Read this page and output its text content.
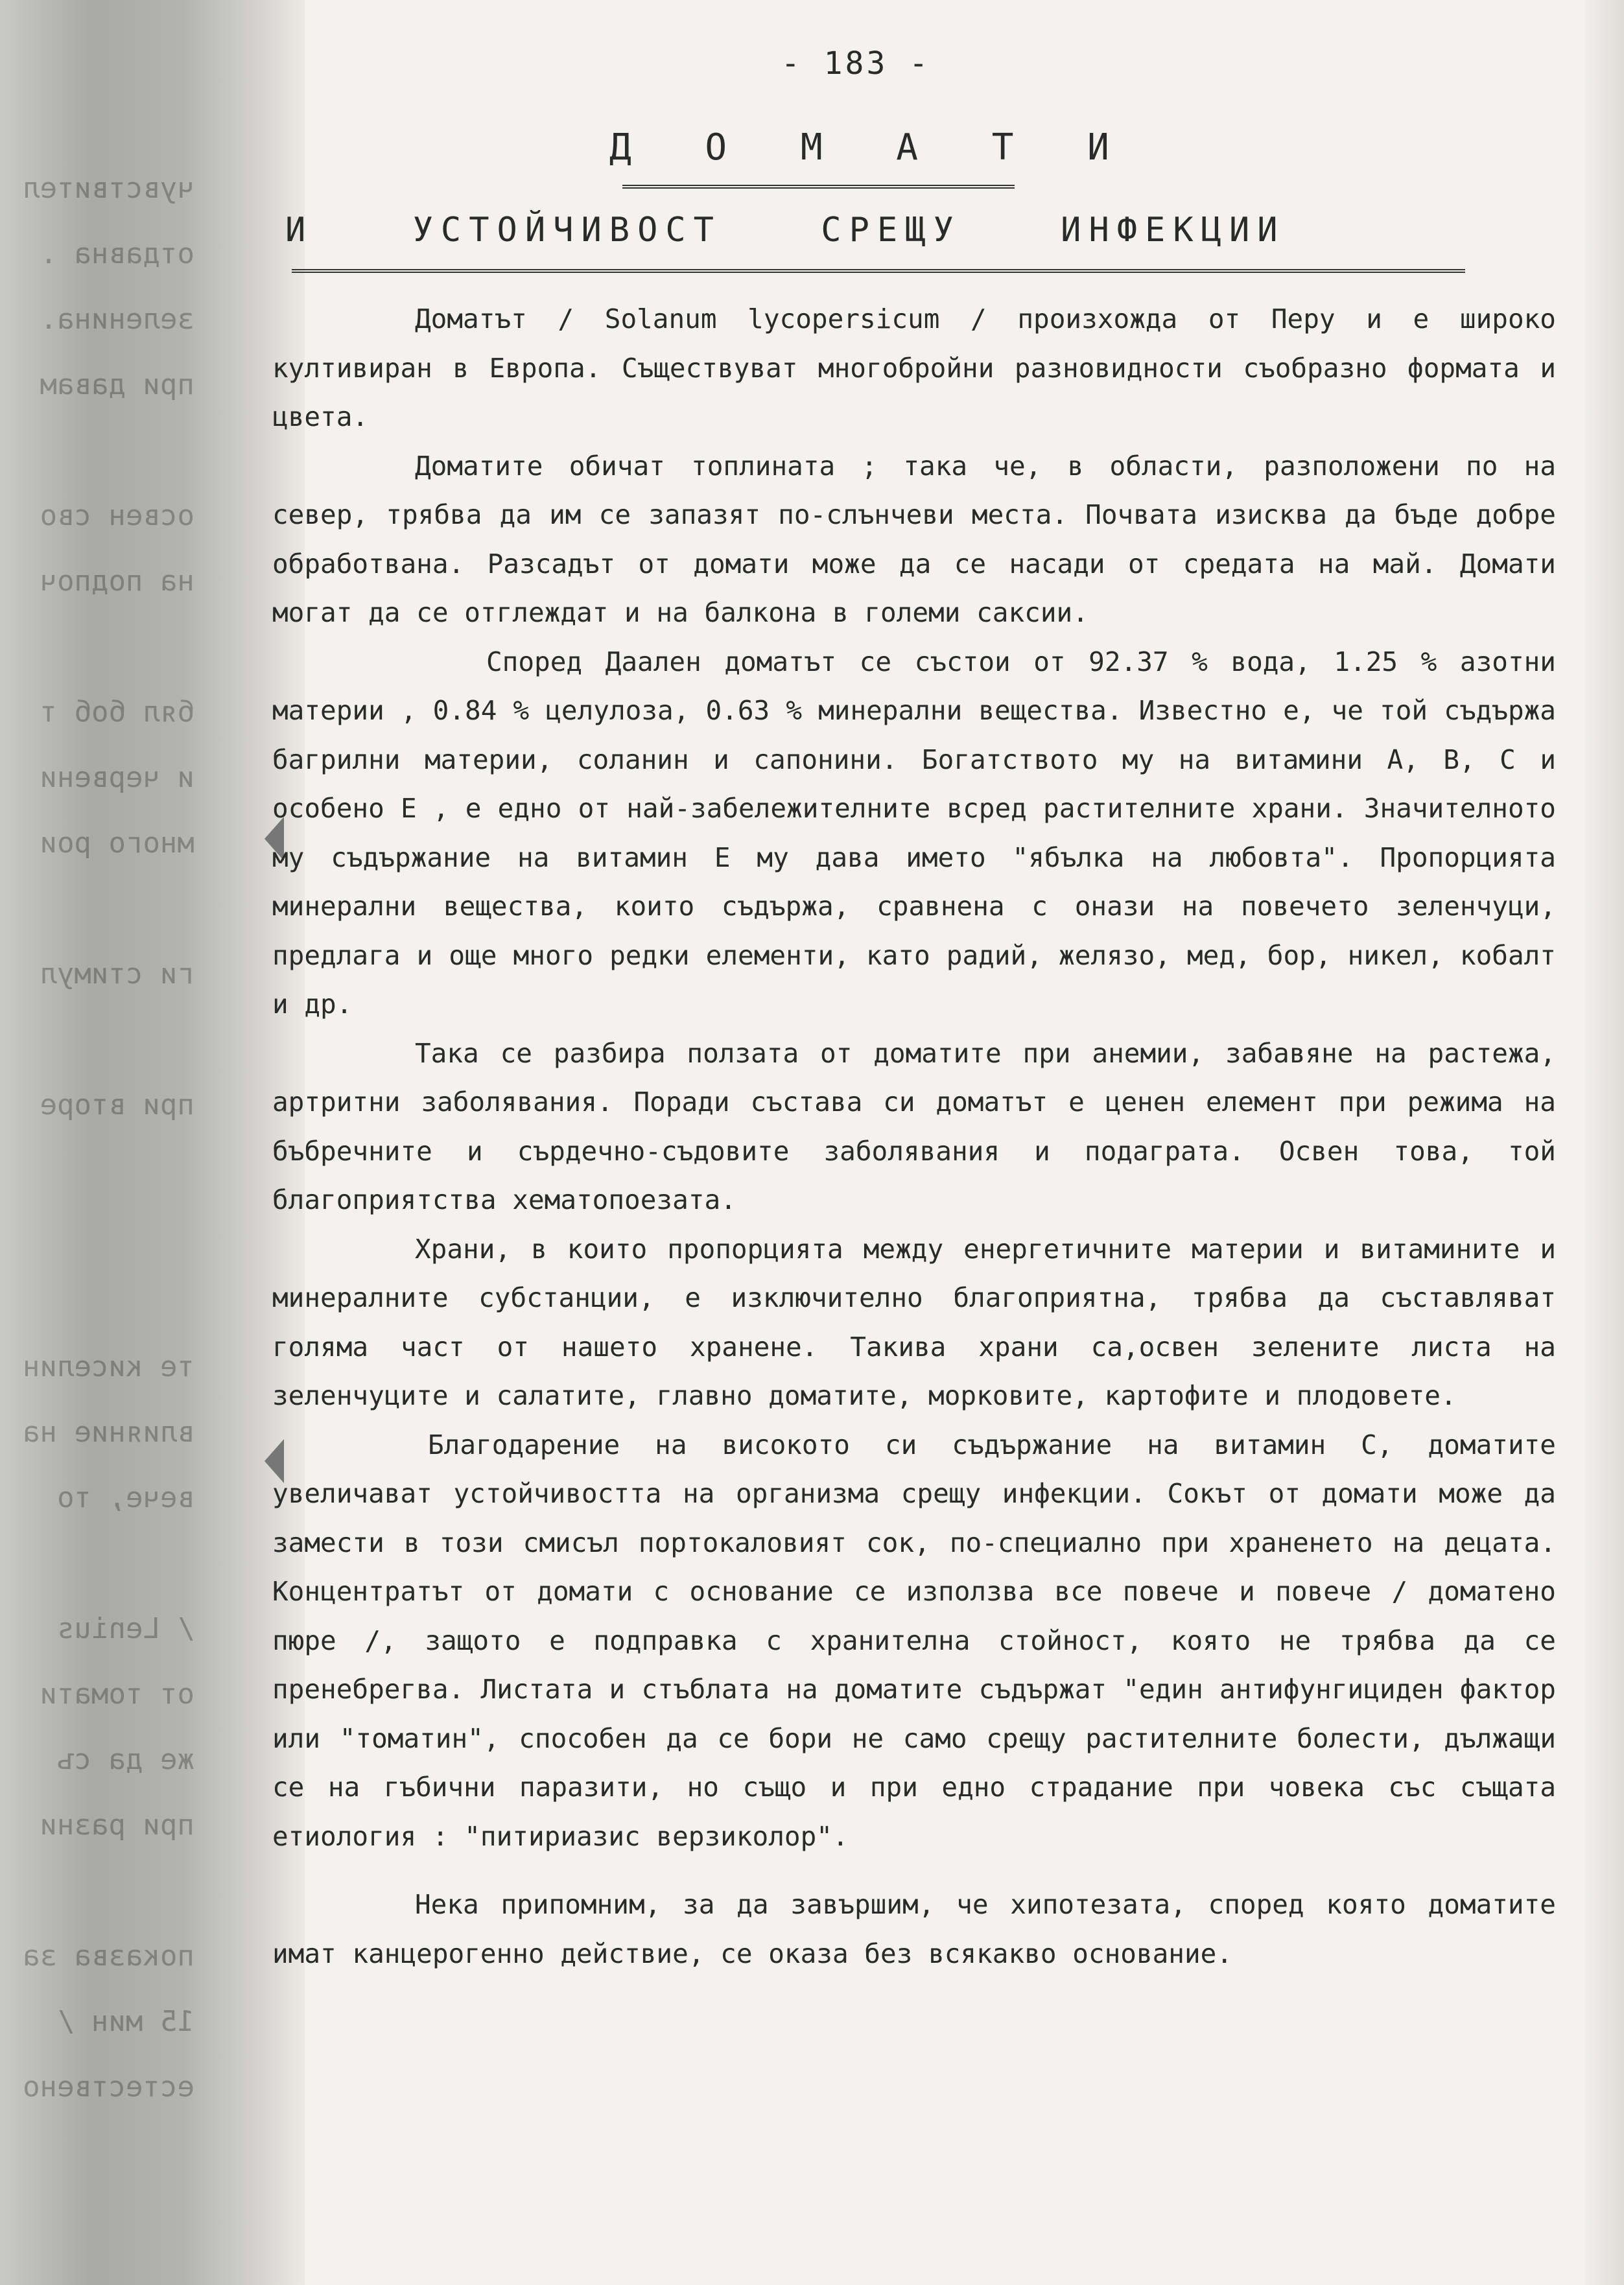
чувствител
отдавна .
зеленина.
при давам
освен сво
на подпоч
бял боб т
и червени
много рои
ги стимул
при вторе
те киселин
влияние на
вече, то
/ Lenius
от томати
же да съ
при разни
показва за
15 мин /
естествено
- 183 -
Д О М А Т И
И УСТОЙЧИВОСТ СРЕЩУ ИНФЕКЦИИ

Доматът / Solanum lycopersicum / произхожда от Перу и е широко култивиран в Европа. Съществуват многобройни разновидности съобразно формата и цвета.

Доматите обичат топлината ; така че, в области, разположени по на север, трябва да им се запазят по-слънчеви места. Почвата изисква да бъде добре обработвана. Разсадът от домати може да се насади от средата на май. Домати могат да се отглеждат и на балкона в големи саксии.

Според Даален доматът се състои от 92.37 % вода, 1.25 % азотни материи , 0.84 % целулоза, 0.63 % минерални вещества. Известно е, че той съдържа багрилни материи, соланин и сапонини. Богатството му на витамини А, В, С и особено Е , е едно от най-забележителните всред растителните храни. Значителното му съдържание на витамин Е му дава името "ябълка на любовта". Пропорцията минерални вещества, които съдържа, сравнена с онази на повечето зеленчуци, предлага и още много редки елементи, като радий, желязо, мед, бор, никел, кобалт и др.

Така се разбира ползата от доматите при анемии, забавяне на растежа, артритни заболявания. Поради състава си доматът е ценен елемент при режима на бъбречните и сърдечно-съдовите заболявания и подаграта. Освен това, той благоприятства хематопоезата.

Храни, в които пропорцията между енергетичните материи и витамините и минералните субстанции, е изключително благоприятна, трябва да съставляват голяма част от нашето хранене. Такива храни са,освен зелените листа на зеленчуците и салатите, главно доматите, морковите, картофите и плодовете.

Благодарение на високото си съдържание на витамин С, доматите увеличават устойчивостта на организма срещу инфекции. Сокът от домати може да замести в този смисъл портокаловият сок, по-специално при храненето на децата. Концентратът от домати с основание се използва все повече и повече / доматено пюре /, защото е подправка с хранителна стойност, която не трябва да се пренебрегва. Листата и стъблата на доматите съдържат "един антифунгициден фактор или "томатин", способен да се бори не само срещу растителните болести, дължащи се на гъбични паразити, но също и при едно страдание при човека със същата етиология : "питириазис верзиколор".

Нека припомним, за да завършим, че хипотезата, според която доматите имат канцерогенно действие, се оказа без всякакво основание.
